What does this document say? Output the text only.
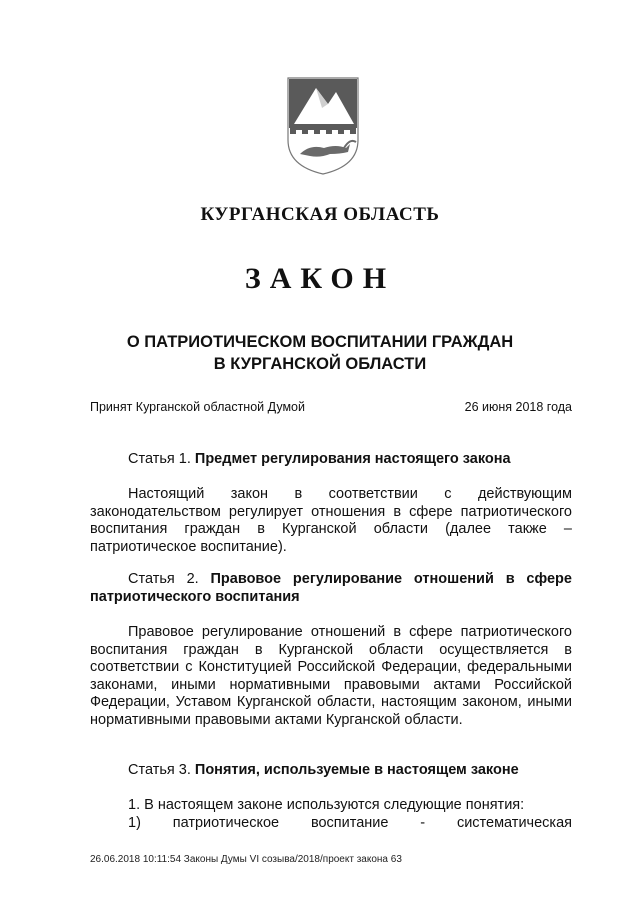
КУРГАНСКАЯ ОБЛАСТЬ
ЗАКОН
О ПАТРИОТИЧЕСКОМ ВОСПИТАНИИ ГРАЖДАН
В КУРГАНСКОЙ ОБЛАСТИ
Принят Курганской областной Думой	26 июня 2018 года
Статья 1. Предмет регулирования настоящего закона

Настоящий закон в соответствии с действующим законодательством регулирует отношения в сфере патриотического воспитания граждан в Курганской области (далее также – патриотическое воспитание).

Статья 2. Правовое регулирование отношений в сфере патриотического воспитания

Правовое регулирование отношений в сфере патриотического воспитания граждан в Курганской области осуществляется в соответствии с Конституцией Российской Федерации, федеральными законами, иными нормативными правовыми актами Российской Федерации, Уставом Курганской области, настоящим законом, иными нормативными правовыми актами Курганской области.

Статья 3. Понятия, используемые в настоящем законе

1. В настоящем законе используются следующие понятия:

1) патриотическое воспитание - систематическая

26.06.2018 10:11:54 Законы Думы VI созыва/2018/проект закона 63
